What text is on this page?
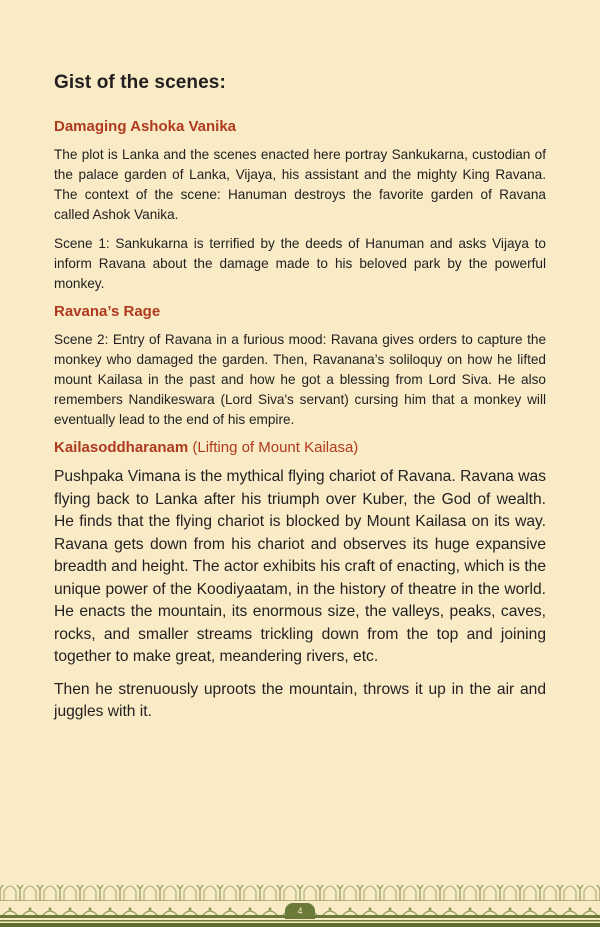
Gist of the scenes:
Damaging Ashoka Vanika

The plot is Lanka and the scenes enacted here portray Sankukarna, custodian of the palace garden of Lanka, Vijaya, his assistant and the mighty King Ravana. The context of the scene: Hanuman destroys the favorite garden of Ravana called Ashok Vanika.

Scene 1: Sankukarna is terrified by the deeds of Hanuman and asks Vijaya to inform Ravana about the damage made to his beloved park by the powerful monkey.

Ravana’s Rage

Scene 2: Entry of Ravana in a furious mood: Ravana gives orders to capture the monkey who damaged the garden. Then, Ravanana’s soliloquy on how he lifted mount Kailasa in the past and how he got a blessing from Lord Siva. He also remembers Nandikeswara (Lord Siva's servant) cursing him that a monkey will eventually lead to the end of his empire.

Kailasoddharanam (Lifting of Mount Kailasa)

Pushpaka Vimana is the mythical flying chariot of Ravana. Ravana was flying back to Lanka after his triumph over Kuber, the God of wealth. He finds that the flying chariot is blocked by Mount Kailasa on its way. Ravana gets down from his chariot and observes its huge expansive breadth and height. The actor exhibits his craft of enacting, which is the unique power of the Koodiyaatam, in the history of theatre in the world. He enacts the mountain, its enormous size, the valleys, peaks, caves, rocks, and smaller streams trickling down from the top and joining together to make great, meandering rivers, etc.

Then he strenuously uproots the mountain, throws it up in the air and juggles with it.

4
